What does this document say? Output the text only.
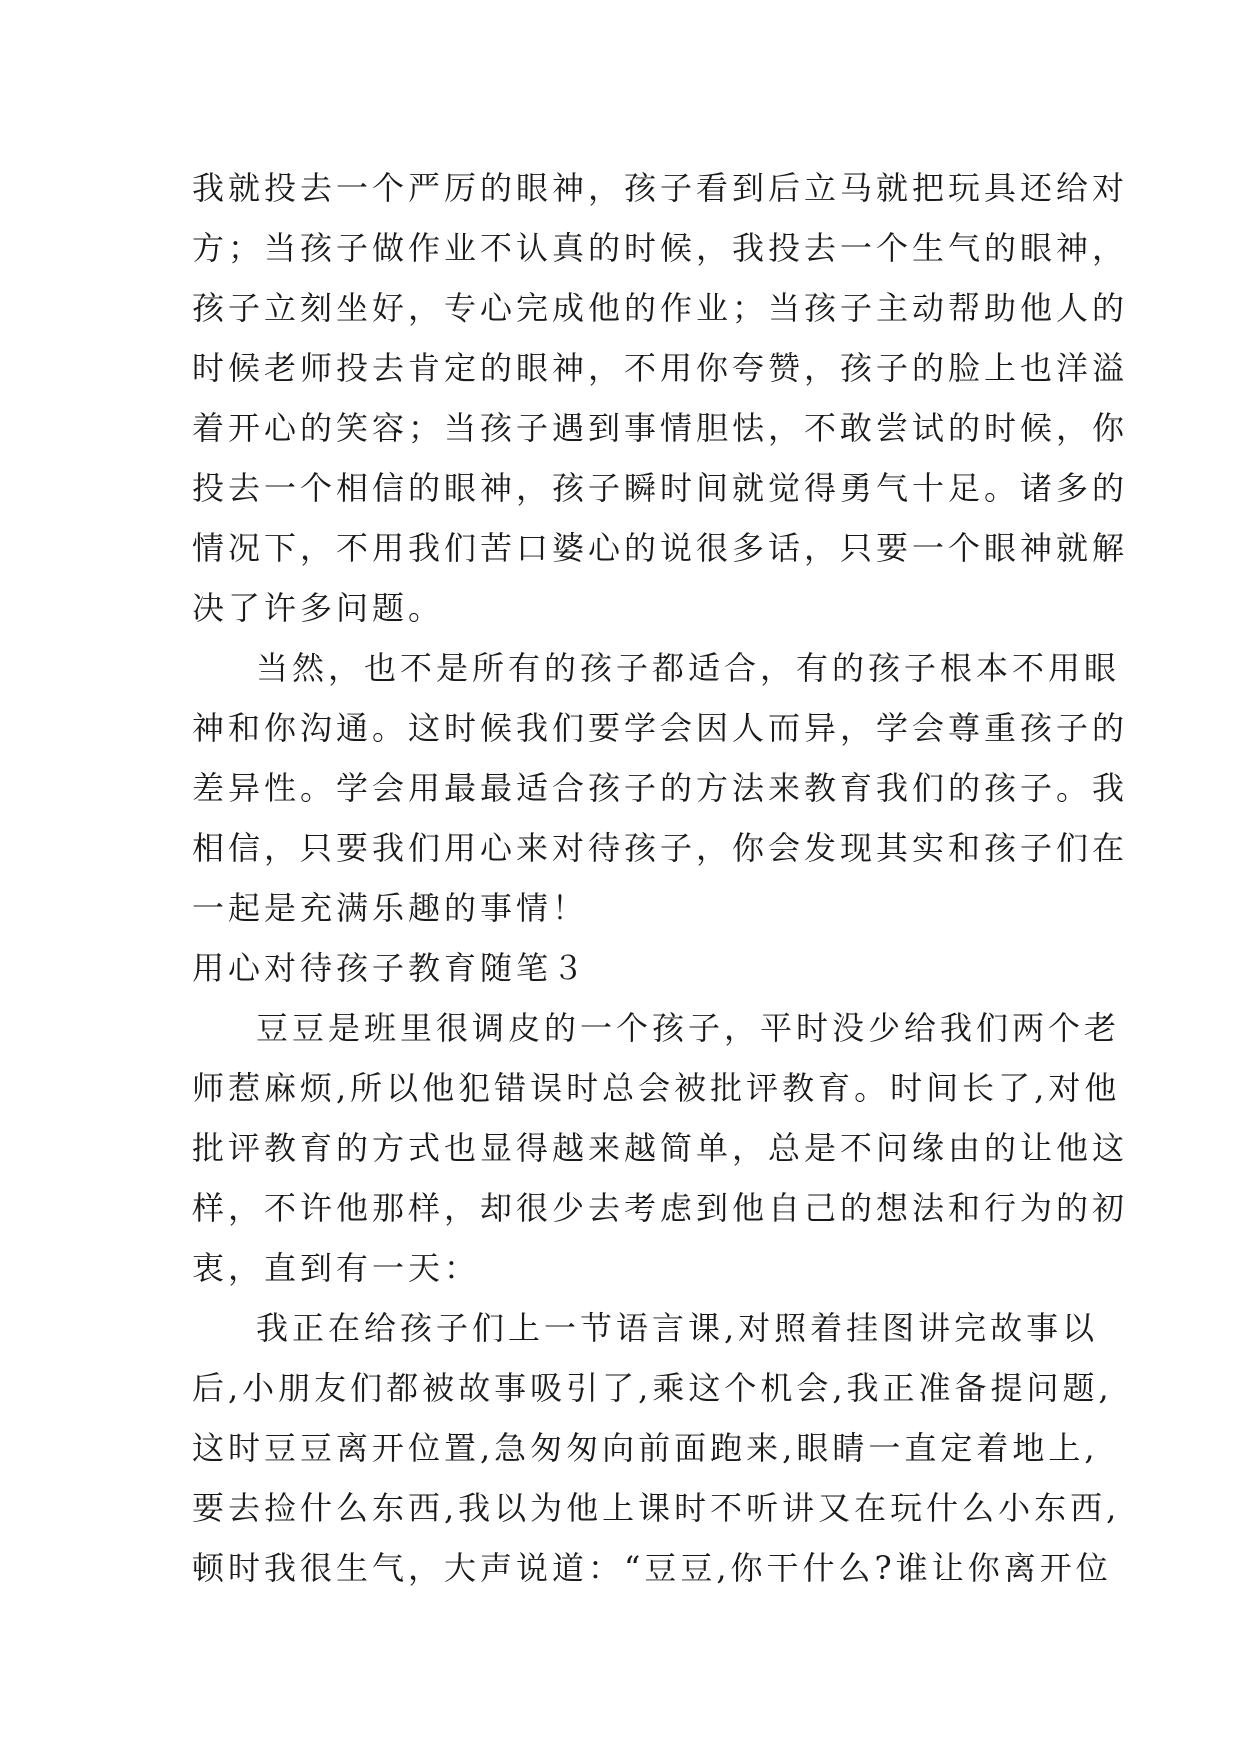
我就投去一个严厉的眼神，孩子看到后立马就把玩具还给对
方；当孩子做作业不认真的时候，我投去一个生气的眼神，
孩子立刻坐好，专心完成他的作业；当孩子主动帮助他人的
时候老师投去肯定的眼神，不用你夸赞，孩子的脸上也洋溢
着开心的笑容；当孩子遇到事情胆怯，不敢尝试的时候，你
投去一个相信的眼神，孩子瞬时间就觉得勇气十足。诸多的
情况下，不用我们苦口婆心的说很多话，只要一个眼神就解
决了许多问题。
当然，也不是所有的孩子都适合，有的孩子根本不用眼
神和你沟通。这时候我们要学会因人而异，学会尊重孩子的
差异性。学会用最最适合孩子的方法来教育我们的孩子。我
相信，只要我们用心来对待孩子，你会发现其实和孩子们在
一起是充满乐趣的事情！
用心对待孩子教育随笔３
豆豆是班里很调皮的一个孩子，平时没少给我们两个老
师惹麻烦,所以他犯错误时总会被批评教育。时间长了,对他
批评教育的方式也显得越来越简单，总是不问缘由的让他这
样，不许他那样，却很少去考虑到他自己的想法和行为的初
衷，直到有一天：
我正在给孩子们上一节语言课,对照着挂图讲完故事以
后,小朋友们都被故事吸引了,乘这个机会,我正准备提问题,
这时豆豆离开位置,急匆匆向前面跑来,眼睛一直定着地上,
要去捡什么东西,我以为他上课时不听讲又在玩什么小东西,
顿时我很生气，大声说道：“豆豆,你干什么?谁让你离开位
